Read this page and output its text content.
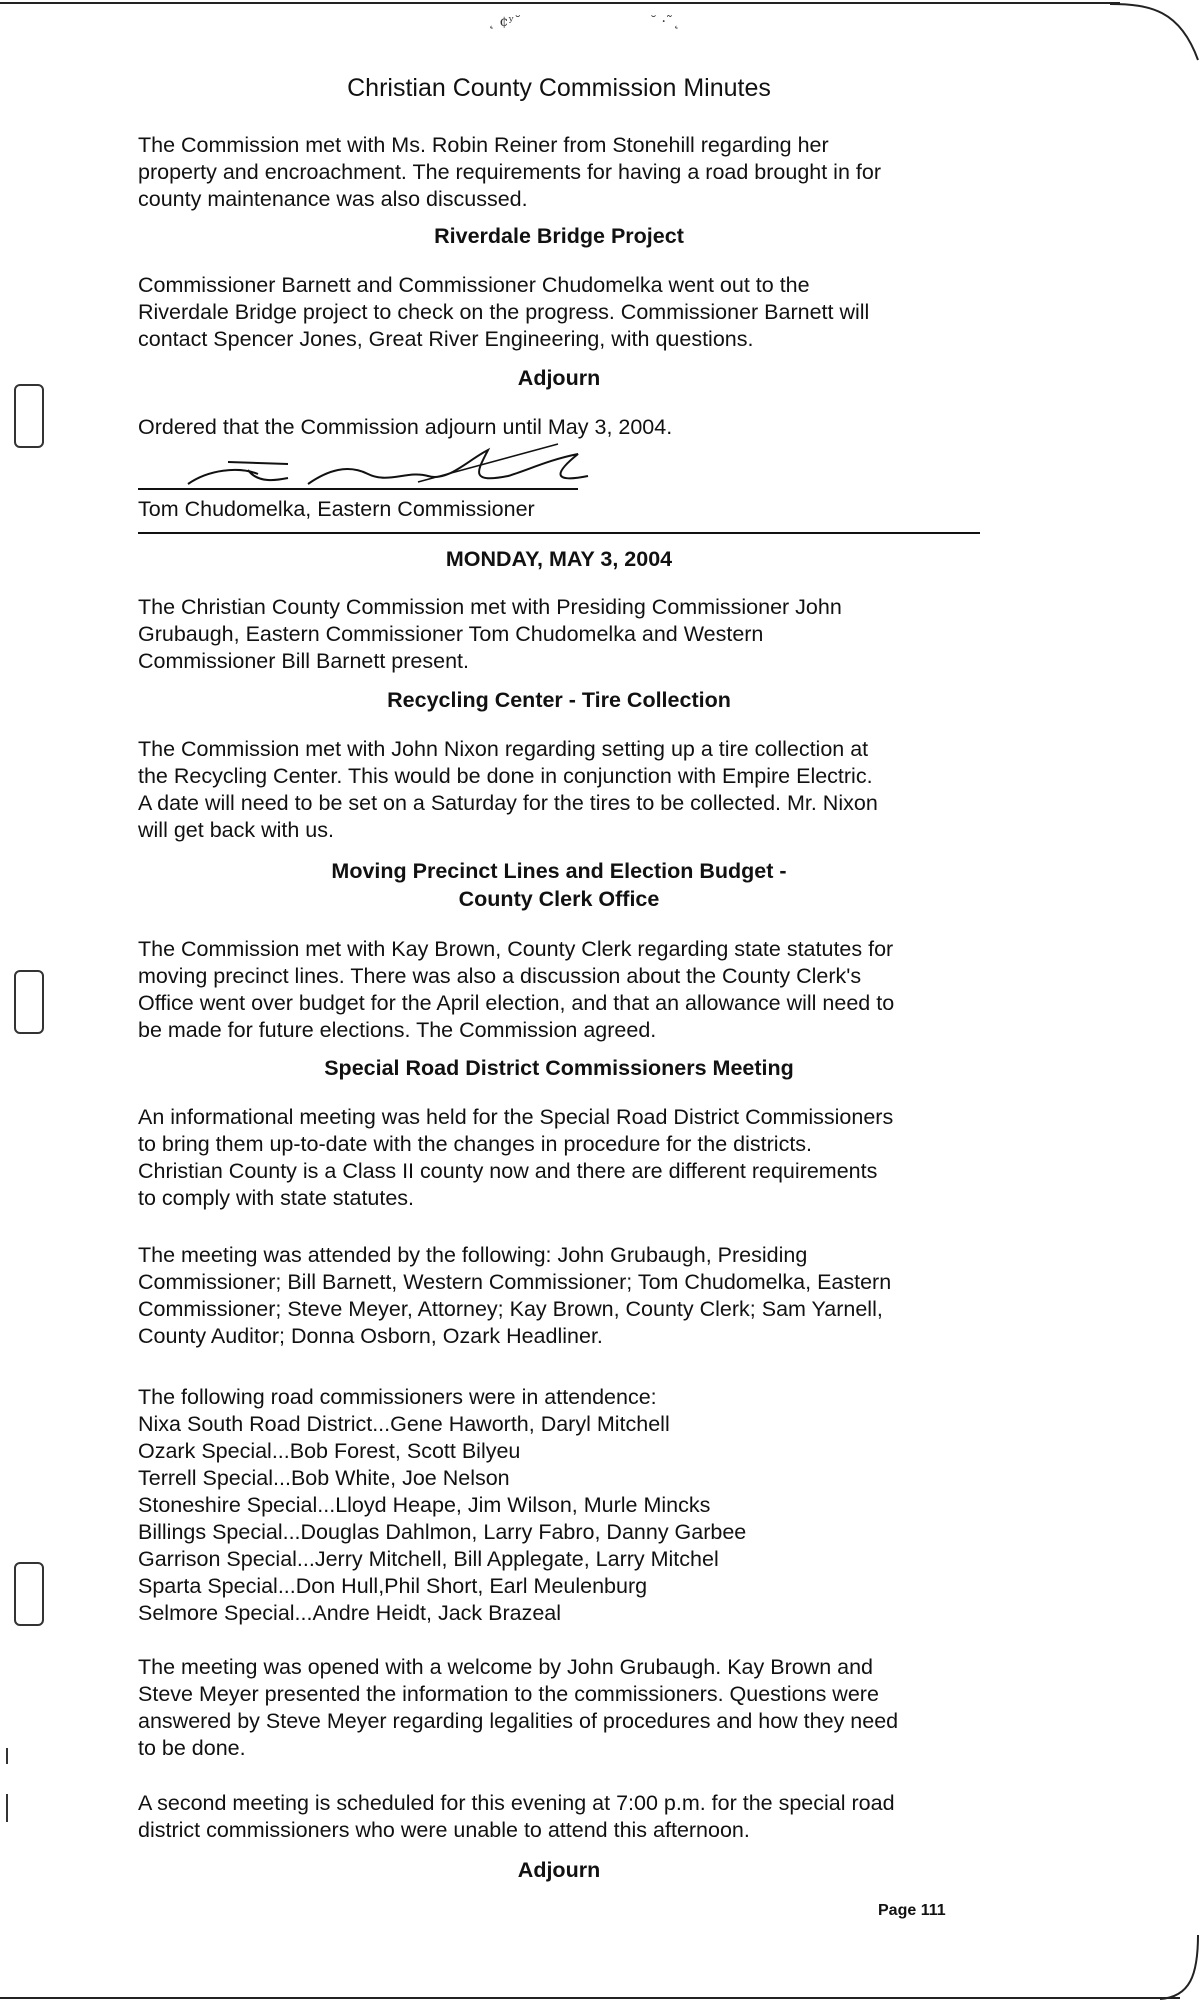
˛ ¢ʸ˘	˘ ·˜˛
Christian County Commission Minutes

The Commission met with Ms. Robin Reiner from Stonehill regarding her
property and encroachment. The requirements for having a road brought in for
county maintenance was also discussed.

Riverdale Bridge Project

Commissioner Barnett and Commissioner Chudomelka went out to the
Riverdale Bridge project to check on the progress. Commissioner Barnett will
contact Spencer Jones, Great River Engineering, with questions.

Adjourn

Ordered that the Commission adjourn until May 3, 2004.

Tom Chudomelka, Eastern Commissioner

MONDAY, MAY 3, 2004

The Christian County Commission met with Presiding Commissioner John
Grubaugh, Eastern Commissioner Tom Chudomelka and Western
Commissioner Bill Barnett present.

Recycling Center - Tire Collection

The Commission met with John Nixon regarding setting up a tire collection at
the Recycling Center. This would be done in conjunction with Empire Electric.
A date will need to be set on a Saturday for the tires to be collected. Mr. Nixon
will get back with us.

Moving Precinct Lines and Election Budget -
County Clerk Office

The Commission met with Kay Brown, County Clerk regarding state statutes for
moving precinct lines. There was also a discussion about the County Clerk's
Office went over budget for the April election, and that an allowance will need to
be made for future elections. The Commission agreed.

Special Road District Commissioners Meeting

An informational meeting was held for the Special Road District Commissioners
to bring them up-to-date with the changes in procedure for the districts.
Christian County is a Class II county now and there are different requirements
to comply with state statutes.

The meeting was attended by the following: John Grubaugh, Presiding
Commissioner; Bill Barnett, Western Commissioner; Tom Chudomelka, Eastern
Commissioner; Steve Meyer, Attorney; Kay Brown, County Clerk; Sam Yarnell,
County Auditor; Donna Osborn, Ozark Headliner.

The following road commissioners were in attendence:
Nixa South Road District...Gene Haworth, Daryl Mitchell
Ozark Special...Bob Forest, Scott Bilyeu
Terrell Special...Bob White, Joe Nelson
Stoneshire Special...Lloyd Heape, Jim Wilson, Murle Mincks
Billings Special...Douglas Dahlmon, Larry Fabro, Danny Garbee
Garrison Special...Jerry Mitchell, Bill Applegate, Larry Mitchel
Sparta Special...Don Hull,Phil Short, Earl Meulenburg
Selmore Special...Andre Heidt, Jack Brazeal

The meeting was opened with a welcome by John Grubaugh. Kay Brown and
Steve Meyer presented the information to the commissioners. Questions were
answered by Steve Meyer regarding legalities of procedures and how they need
to be done.

A second meeting is scheduled for this evening at 7:00 p.m. for the special road
district commissioners who were unable to attend this afternoon.

Adjourn

Page 111
